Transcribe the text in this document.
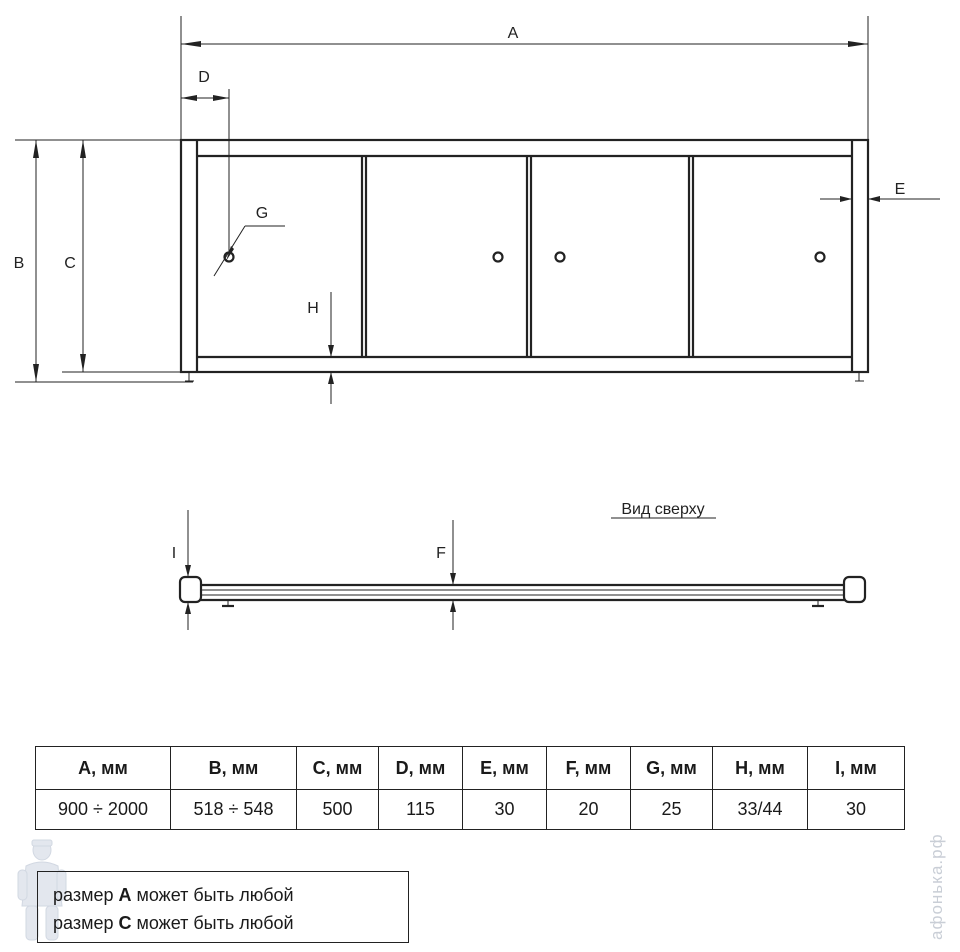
A
D
G
B C
H
E
Вид сверху
I	F
A, мм	B, мм	C, мм	D, мм	E, мм	F, мм	G, мм	H, мм	I, мм
900 ÷ 2000	518 ÷ 548	500	115	30	20	25	33/44	30
размер A может быть любой
размер C может быть любой	афонька.рф
